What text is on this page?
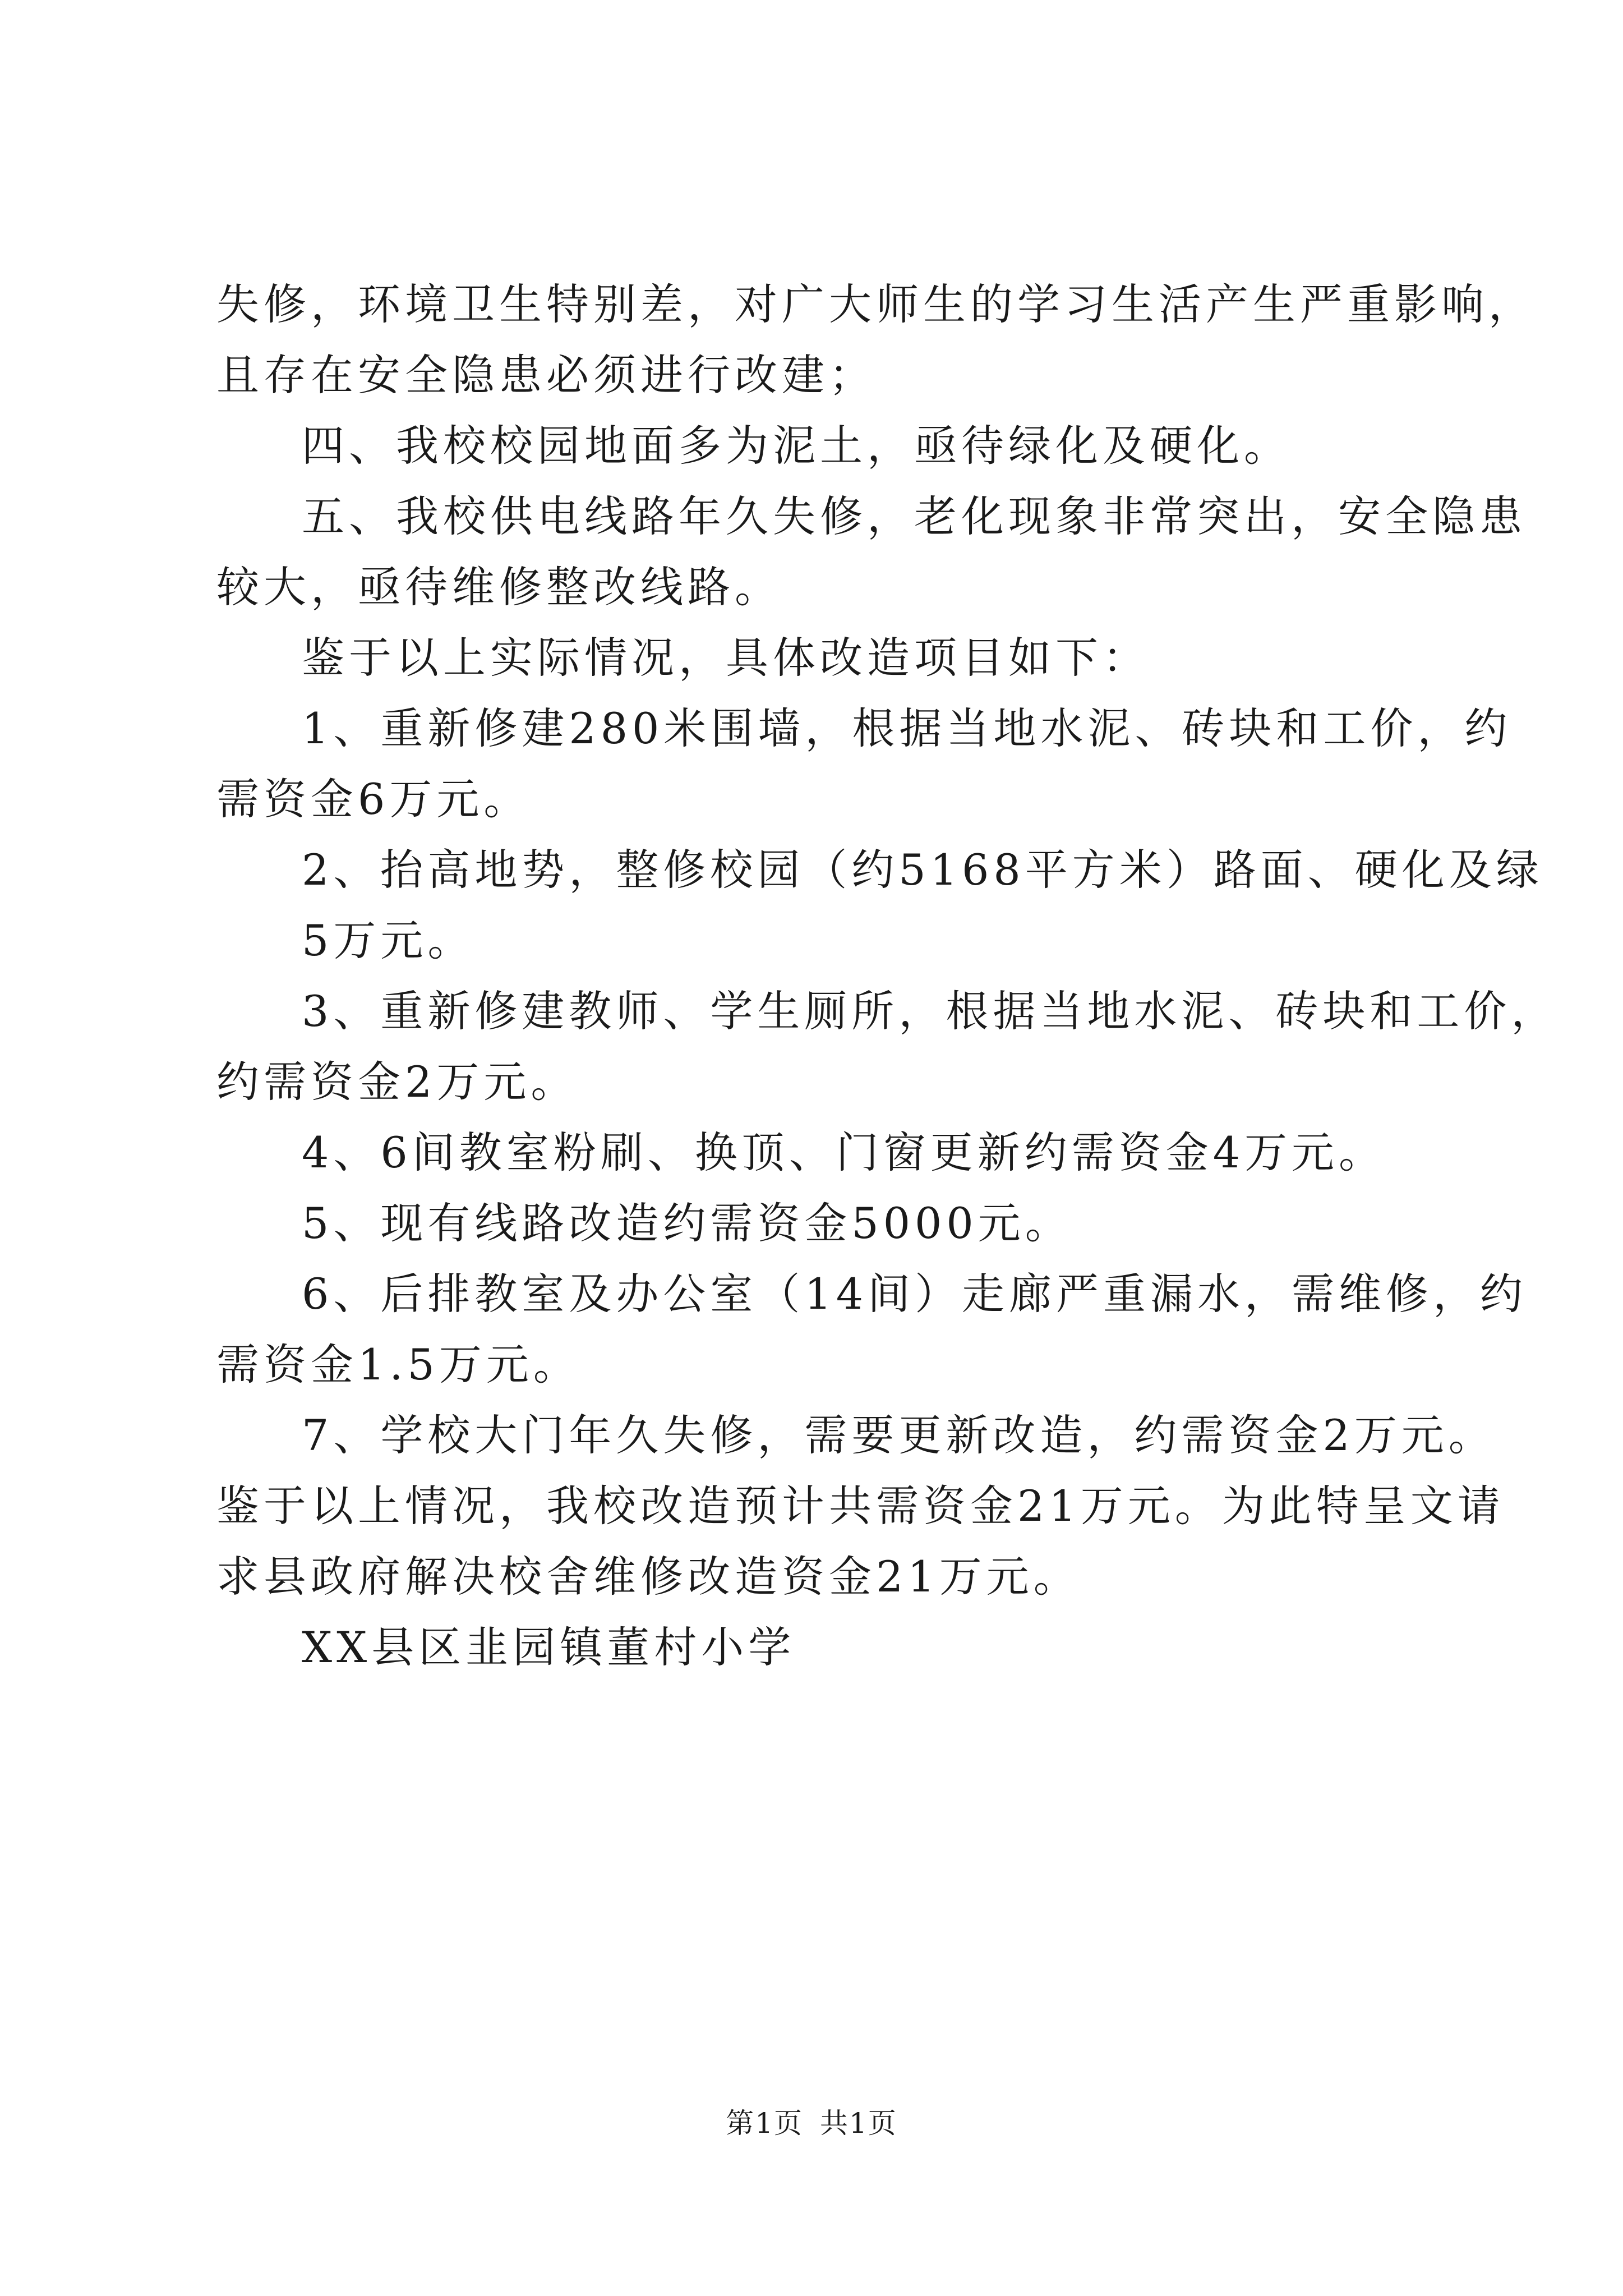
失修，环境卫生特别差，对广大师生的学习生活产生严重影响，
且存在安全隐患必须进行改建；
四、我校校园地面多为泥土，亟待绿化及硬化。
五、我校供电线路年久失修，老化现象非常突出，安全隐患
较大，亟待维修整改线路。
鉴于以上实际情况，具体改造项目如下：
1、重新修建280米围墙，根据当地水泥、砖块和工价，约
需资金6万元。
2、抬高地势，整修校园（约5168平方米）路面、硬化及绿
5万元。
3、重新修建教师、学生厕所，根据当地水泥、砖块和工价，
约需资金2万元。
4、6间教室粉刷、换顶、门窗更新约需资金4万元。
5、现有线路改造约需资金5000元。
6、后排教室及办公室（14间）走廊严重漏水，需维修，约
需资金1.5万元。
7、学校大门年久失修，需要更新改造，约需资金2万元。
鉴于以上情况，我校改造预计共需资金21万元。为此特呈文请
求县政府解决校舍维修改造资金21万元。
XX县区韭园镇董村小学
第1页 共1页
